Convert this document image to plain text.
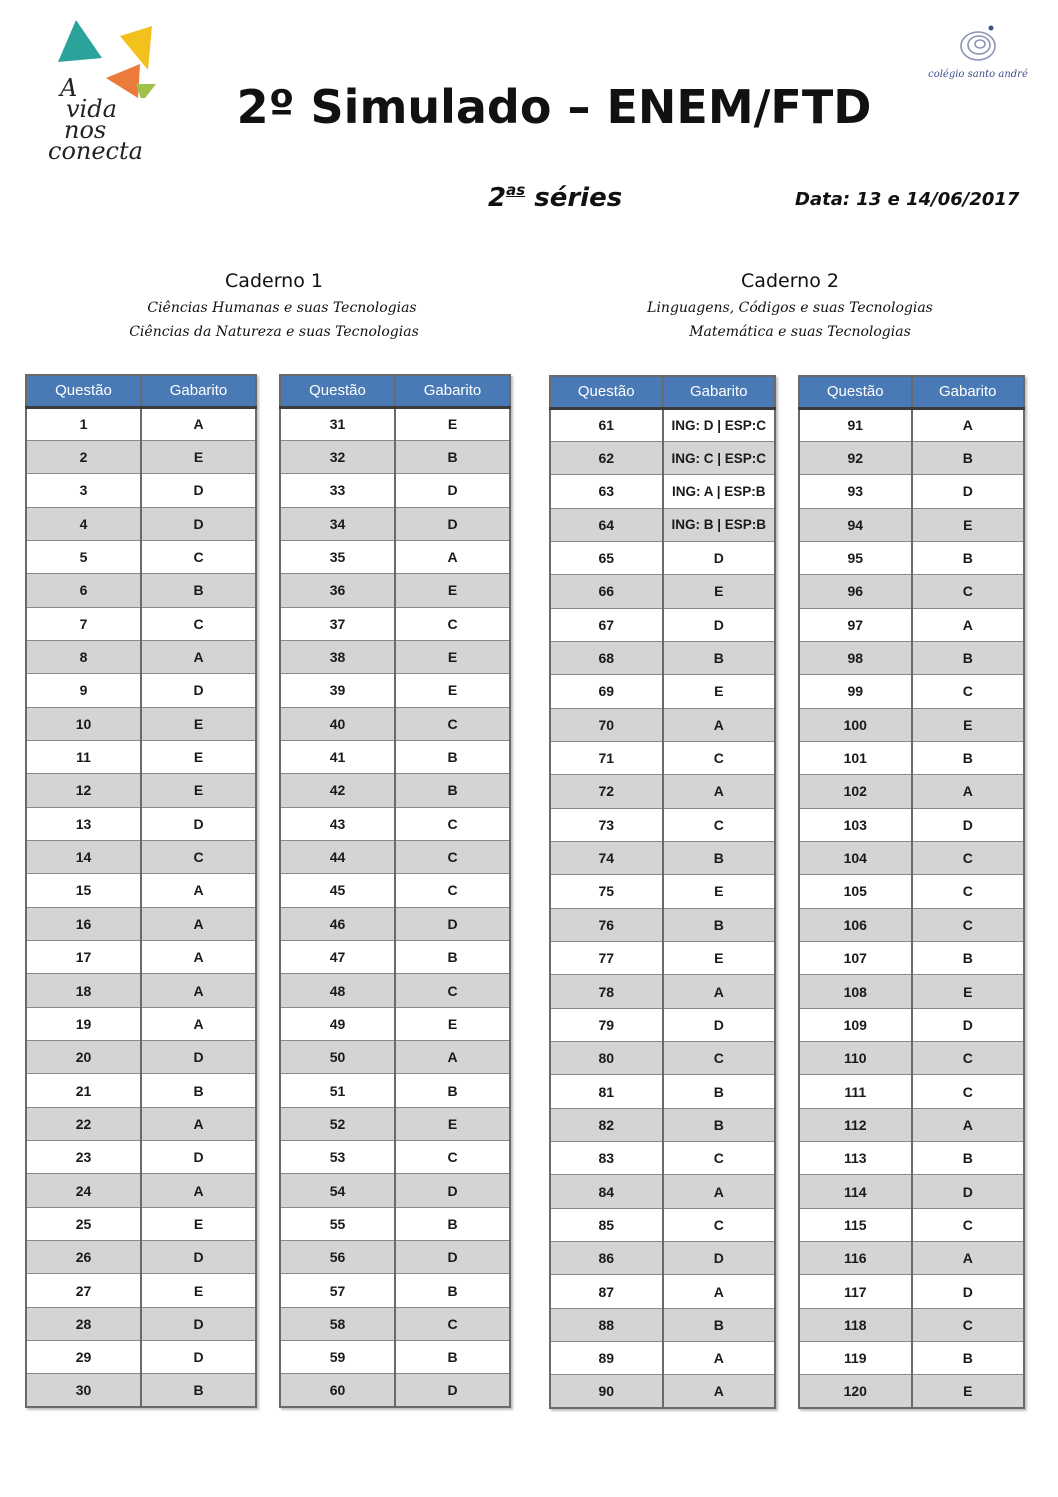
A
vida
nos
conecta
colégio santo andré
2º Simulado – ENEM/FTD
$2^{as}$ séries	Data: 13 e 14/06/2017
Caderno 1
Ciências Humanas e suas Tecnologias
Ciências da Natureza e suas Tecnologias
Caderno 2
Linguagens, Códigos e suas Tecnologias
Matemática e suas Tecnologias
Questão	Gabarito
1	A
2	E
3	D
4	D
5	C
6	B
7	C
8	A
9	D
10	E
11	E
12	E
13	D
14	C
15	A
16	A
17	A
18	A
19	A
20	D
21	B
22	A
23	D
24	A
25	E
26	D
27	E
28	D
29	D
30	B
Questão	Gabarito
31	E
32	B
33	D
34	D
35	A
36	E
37	C
38	E
39	E
40	C
41	B
42	B
43	C
44	C
45	C
46	D
47	B
48	C
49	E
50	A
51	B
52	E
53	C
54	D
55	B
56	D
57	B
58	C
59	B
60	D
Questão	Gabarito
61	ING: D | ESP:C
62	ING: C | ESP:C
63	ING: A | ESP:B
64	ING: B | ESP:B
65	D
66	E
67	D
68	B
69	E
70	A
71	C
72	A
73	C
74	B
75	E
76	B
77	E
78	A
79	D
80	C
81	B
82	B
83	C
84	A
85	C
86	D
87	A
88	B
89	A
90	A
Questão	Gabarito
91	A
92	B
93	D
94	E
95	B
96	C
97	A
98	B
99	C
100	E
101	B
102	A
103	D
104	C
105	C
106	C
107	B
108	E
109	D
110	C
111	C
112	A
113	B
114	D
115	C
116	A
117	D
118	C
119	B
120	E
